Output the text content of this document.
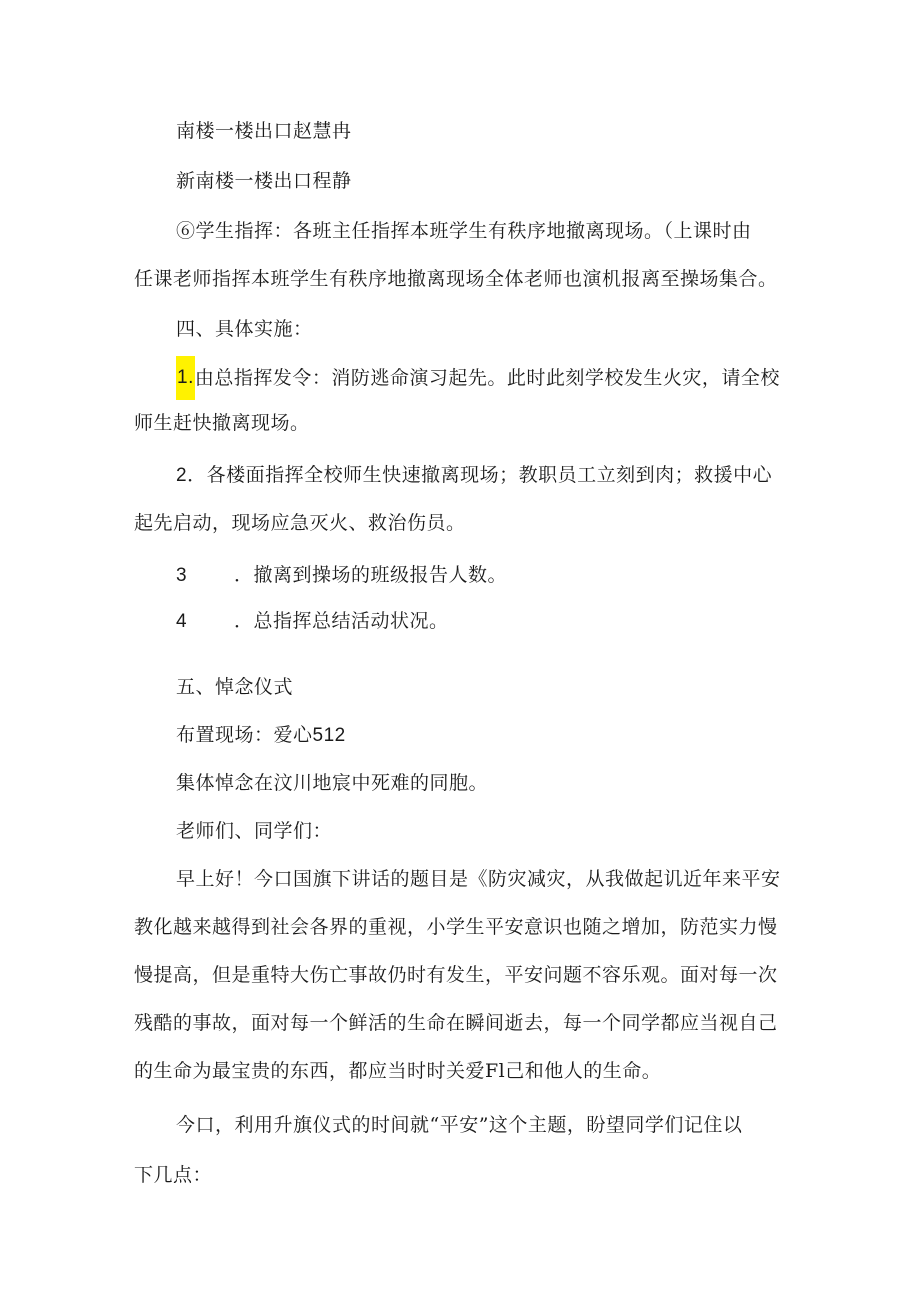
南楼一楼出口赵慧冉
新南楼一楼出口程静
⑥学生指挥：各班主任指挥本班学生有秩序地撤离现场。（上课时由
任课老师指挥本班学生有秩序地撤离现场全体老师也演机报离至操场集合。
四、具体实施：
1.由总指挥发令：消防逃命演习起先。此时此刻学校发生火灾，请全校
师生赶快撤离现场。
2．各楼面指挥全校师生快速撤离现场；教职员工立刻到肉；救援中心
起先启动，现场应急灭火、救治伤员。
3 ．撤离到操场的班级报告人数。
4 ．总指挥总结活动状况。
五、悼念仪式
布置现场：爱心512
集体悼念在汶川地宸中死难的同胞。
老师们、同学们：
早上好！今口国旗下讲话的题目是《防灾减灾，从我做起讥近年来平安
教化越来越得到社会各界的重视，小学生平安意识也随之增加，防范实力慢
慢提高，但是重特大伤亡事故仍时有发生，平安问题不容乐观。面对每一次
残酷的事故，面对每一个鲜活的生命在瞬间逝去，每一个同学都应当视自己
的生命为最宝贵的东西，都应当时时关爱Fl己和他人的生命。
今口，利用升旗仪式的时间就“平安”这个主题，盼望同学们记住以
下几点：
